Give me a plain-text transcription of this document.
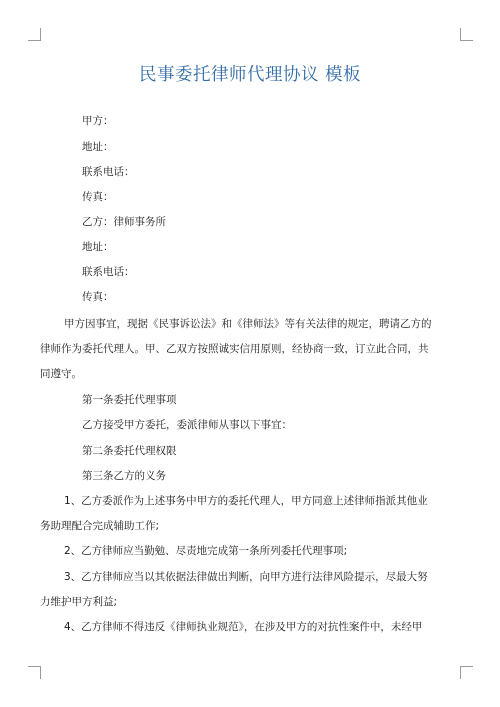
民事委托律师代理协议 模板
甲方：
地址：
联系电话：
传真：
乙方：律师事务所
地址：
联系电话：
传真：
甲方因事宜，现据《民事诉讼法》和《律师法》等有关法律的规定，聘请乙方的
律师作为委托代理人。甲、乙双方按照诚实信用原则，经协商一致，订立此合同，共
同遵守。
第一条委托代理事项
乙方接受甲方委托，委派律师从事以下事宜：
第二条委托代理权限
第三条乙方的义务
1、乙方委派作为上述事务中甲方的委托代理人，甲方同意上述律师指派其他业
务助理配合完成辅助工作;
2、乙方律师应当勤勉、尽责地完成第一条所列委托代理事项;
3、乙方律师应当以其依据法律做出判断，向甲方进行法律风险提示，尽最大努
力维护甲方利益;
4、乙方律师不得违反《律师执业规范》，在涉及甲方的对抗性案件中，未经甲
